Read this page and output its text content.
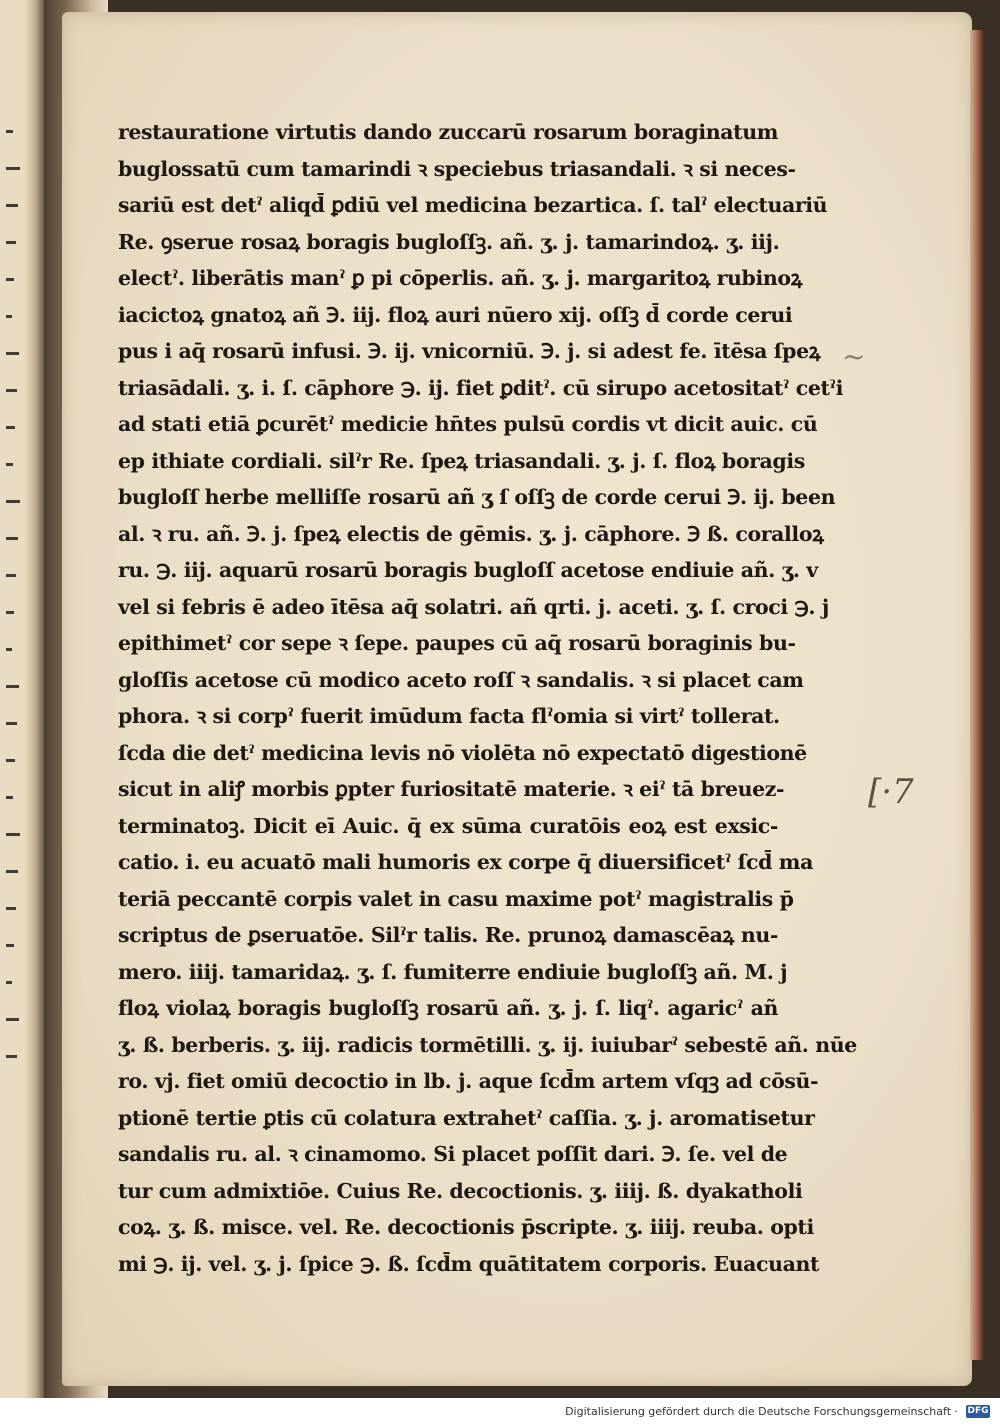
restauratione virtutis dando zuccarū rosarum boraginatum
buglossatū cum tamarindi ꝛ speciebus triasandali. ꝛ si neces-
sariū est detˀ aliqd̄ ꝑdiū vel medicina bezartica. ſ. talˀ electuariū
Re. ꝯserue rosaꝝ boragis bugloſſꝫ. añ. ʒ. j. tamarindoꝝ. ʒ. iij.
electˀ. liberātis manˀ ꝑ pi cōperlis. añ. ʒ. j. margaritoꝝ rubinoꝝ
iacictoꝝ gnatoꝝ añ ℈. iij. floꝝ auri nūero xij. oſſꝫ d̄ corde cerui
pus i aq̄ rosarū infusi. ℈. ij. vnicorniū. ℈. j. si adest fe. ītēsa ſpeꝝ
triasādali. ʒ. i. ſ. cāphore ℈. ij. fiet ꝑditˀ. cū sirupo acetositatˀ cetˀi
ad stati etiā ꝑcurētˀ medicie hn̄tes pulsū cordis vt dicit auic. cū
ep ithiate cordiali. silˀr Re. ſpeꝝ triasandali. ʒ. j. ſ. floꝝ boragis
bugloſſ herbe melliſſe rosarū añ ʒ ſ oſſꝫ de corde cerui ℈. ij. been
al. ꝛ ru. añ. ℈. j. ſpeꝝ electis de gēmis. ʒ. j. cāphore. ℈ ß. coralloꝝ
ru. ℈. iij. aquarū rosarū boragis bugloſſ acetose endiuie añ. ʒ. v
vel si febris ē adeo ītēsa aq̄ solatri. añ qrti. j. aceti. ʒ. ſ. croci ℈. j
epithimetˀ cor sepe ꝛ ſepe. paupes cū aq̄ rosarū boraginis bu-
gloſſis acetose cū modico aceto roſſ ꝛ sandalis. ꝛ si placet cam
phora. ꝛ si corpˀ fuerit imūdum facta flˀomia si virtˀ tollerat.
ſcda die detˀ medicina levis nō violēta nō expectatō digestionē
sicut in aliꝭ morbis ꝑpter furiositatē materie. ꝛ eiˀ tā breuez-
terminatoꝫ. Dicit eī Auic. q̄ ex sūma curatōis eoꝝ est exsic-
catio. i. eu acuatō mali humoris ex corpe q̄ diuersificetˀ ſcd̄ ma
teriā peccantē corpis valet in casu maxime potˀ magistralis p̄
scriptus de ꝑseruatōe. Silˀr talis. Re. prunoꝝ damascēaꝝ nu-
mero. iiij. tamaridaꝝ. ʒ. ſ. fumiterre endiuie bugloſſꝫ añ. M. j
floꝝ violaꝝ boragis bugloſſꝫ rosarū añ. ʒ. j. ſ. liqˀ. agaricˀ añ
ʒ. ß. berberis. ʒ. iij. radicis tormētilli. ʒ. ij. iuiubarˀ sebestē añ. nūe
ro. vj. fiet omiū decoctio in lb. j. aque ſcd̄m artem vſqꝫ ad cōsū-
ptionē tertie ꝑtis cū colatura extrahetˀ caſſia. ʒ. j. aromatisetur
sandalis ru. al. ꝛ cinamomo. Si placet poſſit dari. ℈. ſe. vel de
tur cum admixtiōe. Cuius Re. decoctionis. ʒ. iiij. ß. dyakatholi
coꝝ. ʒ. ß. misce. vel. Re. decoctionis p̄scripte. ʒ. iiij. reuba. opti
mi ℈. ij. vel. ʒ. j. ſpice ℈. ß. ſcd̄m quātitatem corporis. Euacuant
~
[·7
Digitalisierung gefördert durch die Deutsche Forschungsgemeinschaft · DFG
